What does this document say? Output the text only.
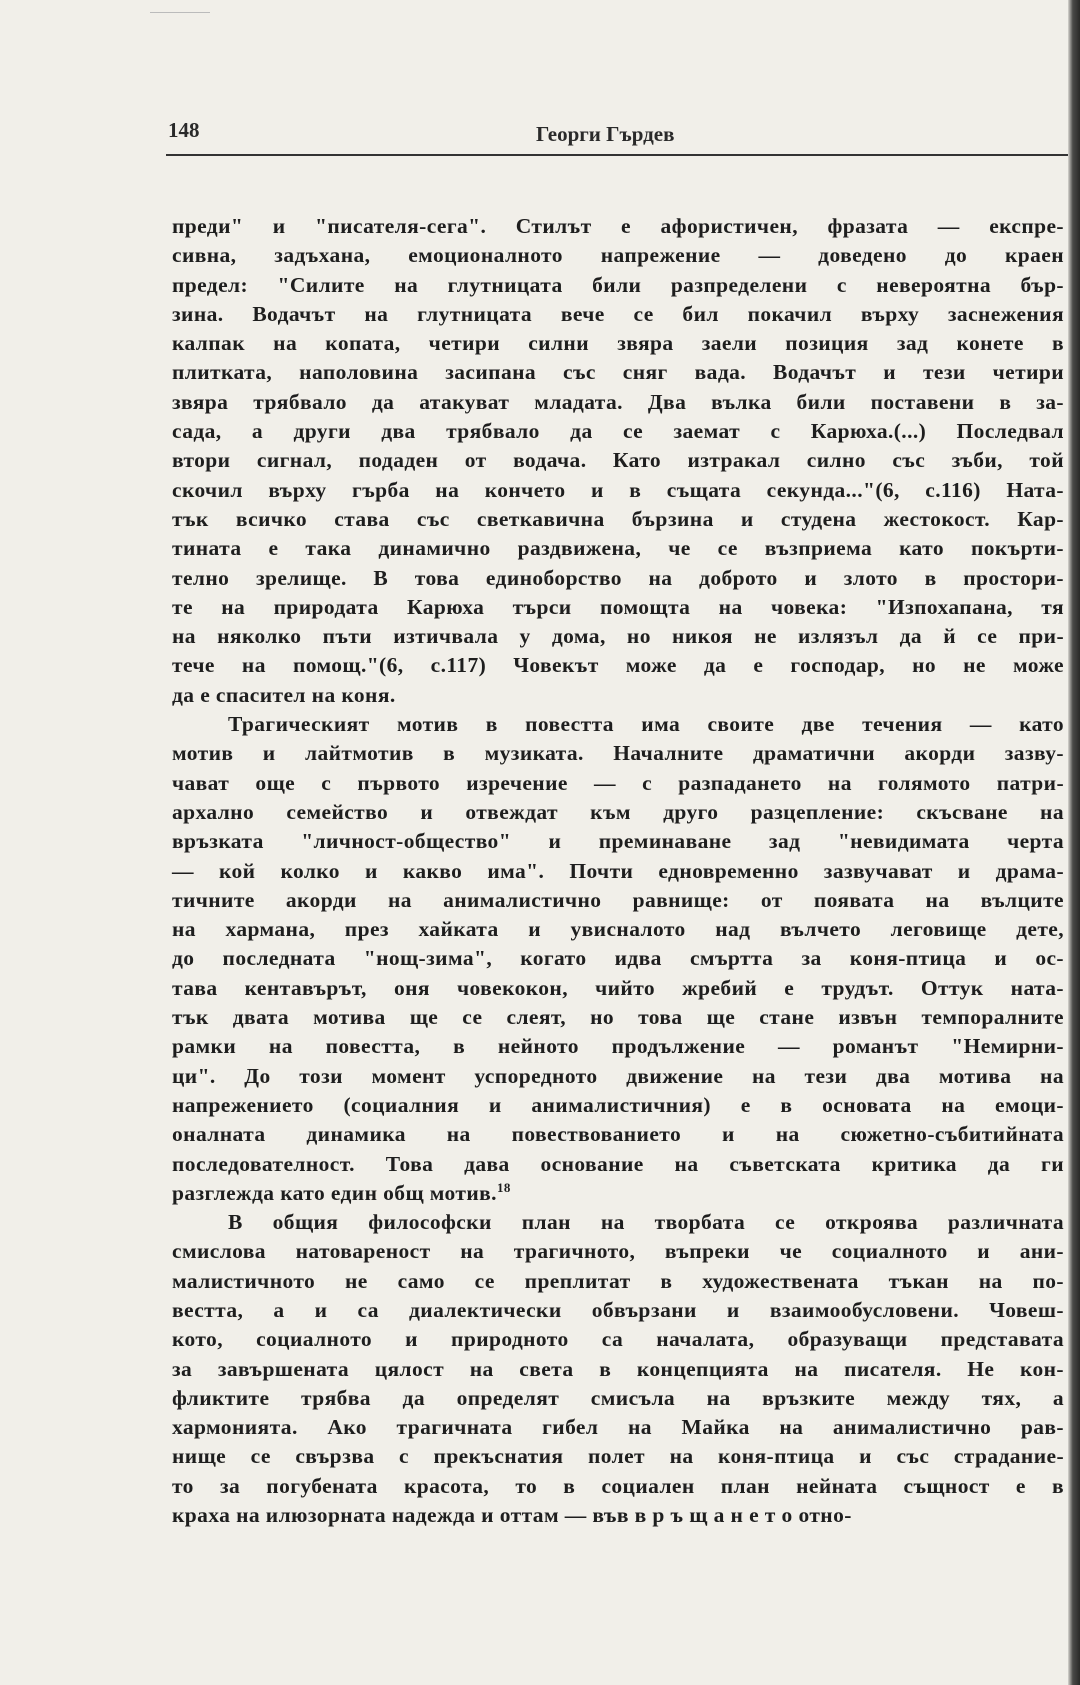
148	Георги Гърдев
преди" и "писателя-сега". Стилът е афористичен, фразата — експре-
сивна, задъхана, емоционалното напрежение — доведено до краен
предел: "Силите на глутницата били разпределени с невероятна бър-
зина. Водачът на глутницата вече се бил покачил върху заснежения
калпак на копата, четири силни звяра заели позиция зад конете в
плитката, наполовина засипана със сняг вада. Водачът и тези четири
звяра трябвало да атакуват младата. Два вълка били поставени в за-
сада, а други два трябвало да се заемат с Карюха.(...) Последвал
втори сигнал, подаден от водача. Като изтракал силно със зъби, той
скочил върху гърба на кончето и в същата секунда..."(6, с.116) Ната-
тък всичко става със светкавична бързина и студена жестокост. Кар-
тината е така динамично раздвижена, че се възприема като покърти-
телно зрелище. В това единоборство на доброто и злото в простори-
те на природата Карюха търси помощта на човека: "Изпохапана, тя
на няколко пъти изтичвала у дома, но никоя не излязъл да й се при-
тече на помощ."(6, с.117) Човекът може да е господар, но не може
да е спасител на коня.
Трагическият мотив в повестта има своите две течения — като
мотив и лайтмотив в музиката. Началните драматични акорди зазву-
чават още с първото изречение — с разпадането на голямото патри-
архално семейство и отвеждат към друго разцепление: скъсване на
връзката "личност-общество" и преминаване зад "невидимата черта
— кой колко и какво има". Почти едновременно зазвучават и драма-
тичните акорди на анималистично равнище: от появата на вълците
на хармана, през хайката и увисналото над вълчето леговище дете,
до последната "нощ-зима", когато идва смъртта за коня-птица и ос-
тава кентавърът, оня човекокон, чийто жребий е трудът. Оттук ната-
тък двата мотива ще се слеят, но това ще стане извън темпоралните
рамки на повестта, в нейното продължение — романът "Немирни-
ци". До този момент успоредното движение на тези два мотива на
напрежението (социалния и анималистичния) е в основата на емоци-
оналната динамика на повествованието и на сюжетно-събитийната
последователност. Това дава основание на съветската критика да ги
разглежда като един общ мотив.$^{18}$
В общия философски план на творбата се откроява различната
смислова натовареност на трагичното, въпреки че социалното и ани-
малистичното не само се преплитат в художествената тъкан на по-
вестта, а и са диалектически обвързани и взаимообусловени. Човеш-
кото, социалното и природното са началата, образуващи представата
за завършената цялост на света в концепцията на писателя. Не кон-
фликтите трябва да определят смисъла на връзките между тях, а
хармонията. Ако трагичната гибел на Майка на анималистично рав-
нище се свързва с прекъснатия полет на коня-птица и със страдание-
то за погубената красота, то в социален план нейната същност е в
краха на илюзорната надежда и оттам — във в р ъ щ а н е т о отно-
